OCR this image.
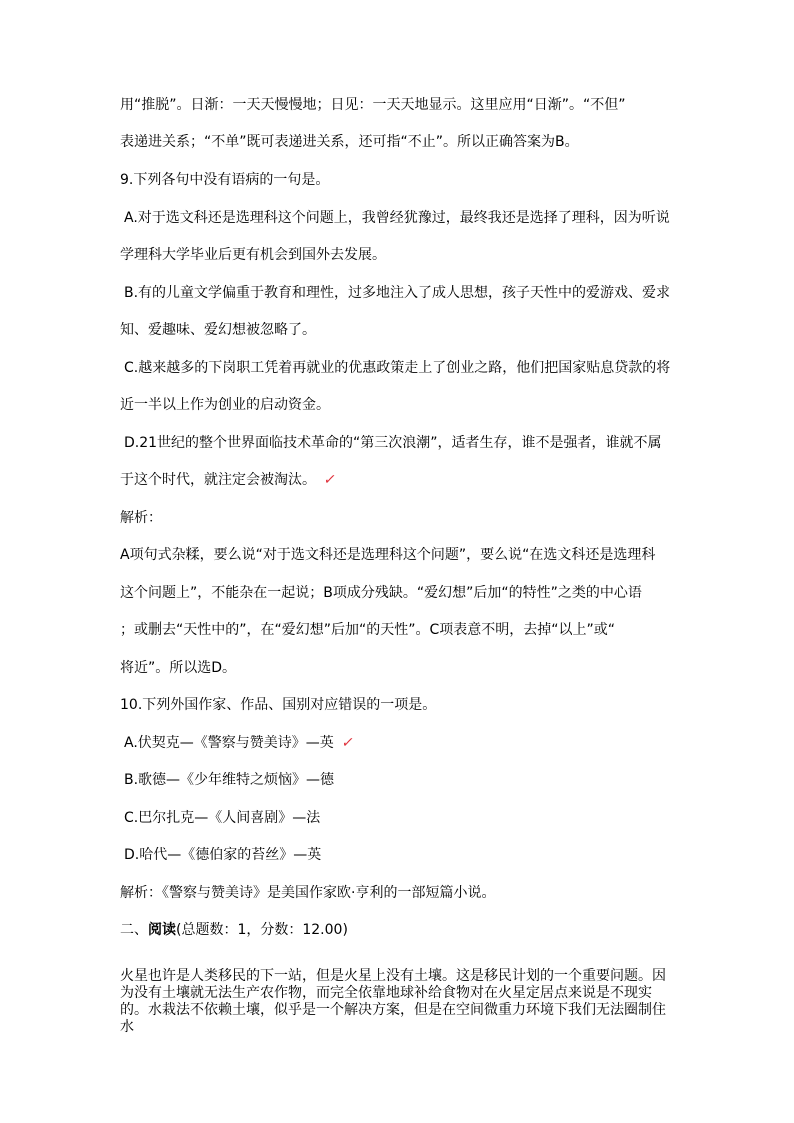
用“推脱”。日渐：一天天慢慢地；日见：一天天地显示。这里应用“日渐”。“不但”
表递进关系；“不单”既可表递进关系，还可指“不止”。所以正确答案为B。
9.下列各句中没有语病的一句是。
A.对于选文科还是选理科这个问题上，我曾经犹豫过，最终我还是选择了理科，因为听说
学理科大学毕业后更有机会到国外去发展。
B.有的儿童文学偏重于教育和理性，过多地注入了成人思想，孩子天性中的爱游戏、爱求
知、爱趣味、爱幻想被忽略了。
C.越来越多的下岗职工凭着再就业的优惠政策走上了创业之路，他们把国家贴息贷款的将
近一半以上作为创业的启动资金。
D.21世纪的整个世界面临技术革命的“第三次浪潮”，适者生存，谁不是强者，谁就不属
于这个时代，就注定会被淘汰。 ✓
解析：
A项句式杂糅，要么说“对于选文科还是选理科这个问题”，要么说“在选文科还是选理科
这个问题上”，不能杂在一起说；B项成分残缺。“爱幻想”后加“的特性”之类的中心语
；或删去“天性中的”，在“爱幻想”后加“的天性”。C项表意不明，去掉“以上”或“
将近”。所以选D。
10.下列外国作家、作品、国别对应错误的一项是。
A.伏契克—《警察与赞美诗》—英 ✓
B.歌德—《少年维特之烦恼》—德
C.巴尔扎克—《人间喜剧》—法
D.哈代—《德伯家的苔丝》—英
解析：《警察与赞美诗》是美国作家欧·亨利的一部短篇小说。
二、阅读(总题数：1，分数：12.00)
火星也许是人类移民的下一站，但是火星上没有土壤。这是移民计划的一个重要问题。因为没有土壤就无法生产农作物，而完全依靠地球补给食物对在火星定居点来说是不现实的。水栽法不依赖土壤，似乎是一个解决方案，但是在空间微重力环境下我们无法圈制住水
